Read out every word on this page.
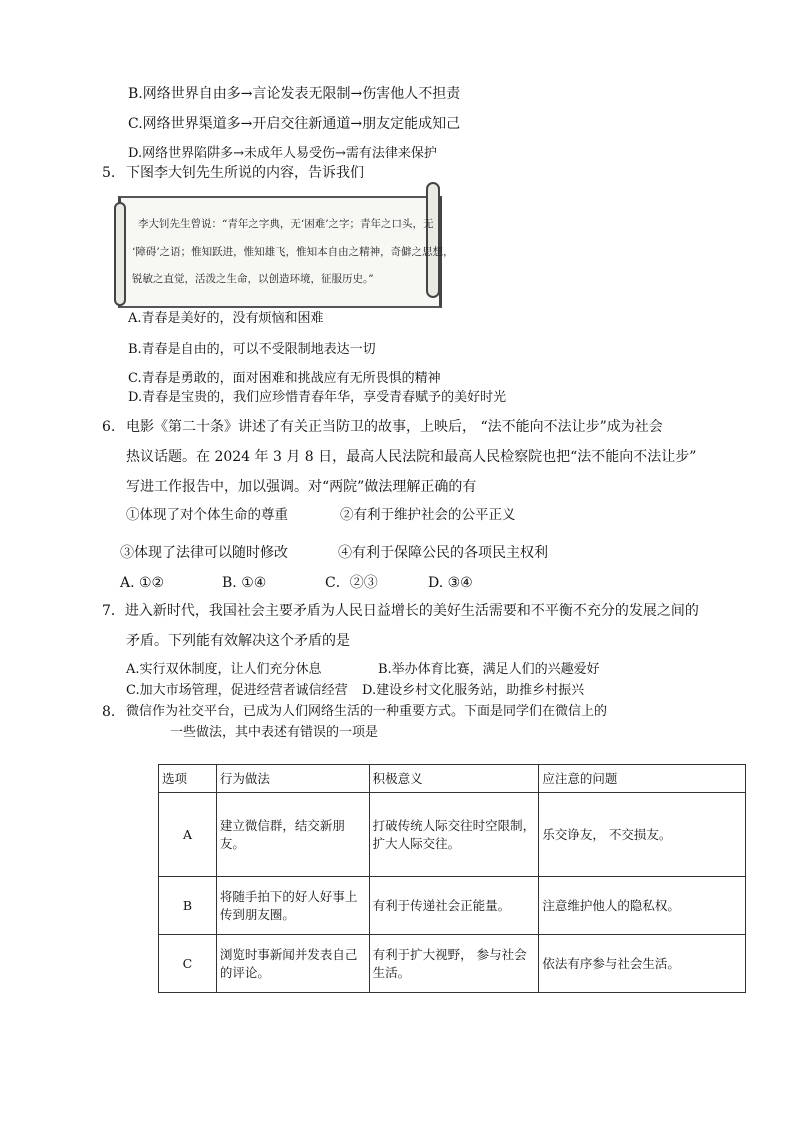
B.网络世界自由多→言论发表无限制→伤害他人不担责
C.网络世界渠道多→开启交往新通道→朋友定能成知己
D.网络世界陷阱多→未成年人易受伤→需有法律来保护
5. 下图李大钊先生所说的内容，告诉我们
李大钊先生曾说：“青年之字典，无‘困难’之字；青年之口头，无
‘障碍’之语；惟知跃进，惟知雄飞，惟知本自由之精神，奇僻之思想，
锐敏之直觉，活泼之生命，以创造环境，征服历史。”
A.青春是美好的，没有烦恼和困难
B.青春是自由的，可以不受限制地表达一切
C.青春是勇敢的，面对困难和挑战应有无所畏惧的精神
D.青春是宝贵的，我们应珍惜青春年华，享受青春赋予的美好时光
6. 电影《第二十条》讲述了有关正当防卫的故事，上映后， “法不能向不法让步”成为社会
热议话题。在 2024 年 3 月 8 日，最高人民法院和最高人民检察院也把“法不能向不法让步”
写进工作报告中，加以强调。对“两院”做法理解正确的有
①体现了对个体生命的尊重	②有利于维护社会的公平正义
③体现了法律可以随时修改	④有利于保障公民的各项民主权利
A. ①②	B. ①④	C．②③	D. ③④
7．进入新时代，我国社会主要矛盾为人民日益增长的美好生活需要和不平衡不充分的发展之间的
矛盾。下列能有效解决这个矛盾的是
A.实行双休制度，让人们充分休息	B.举办体育比赛，满足人们的兴趣爱好
C.加大市场管理，促进经营者诚信经营 D.建设乡村文化服务站，助推乡村振兴
8. 微信作为社交平台，已成为人们网络生活的一种重要方式。下面是同学们在微信上的
一些做法，其中表述有错误的一项是
选项	行为做法	积极意义	应注意的问题
A	建立微信群，结交新朋友。	打破传统人际交往时空限制， 扩大人际交往。	乐交诤友， 不交损友。
B	将随手拍下的好人好事上传到朋友圈。	有利于传递社会正能量。	注意维护他人的隐私权。
C	浏览时事新闻并发表自己的评论。	有利于扩大视野， 参与社会生活。	依法有序参与社会生活。
